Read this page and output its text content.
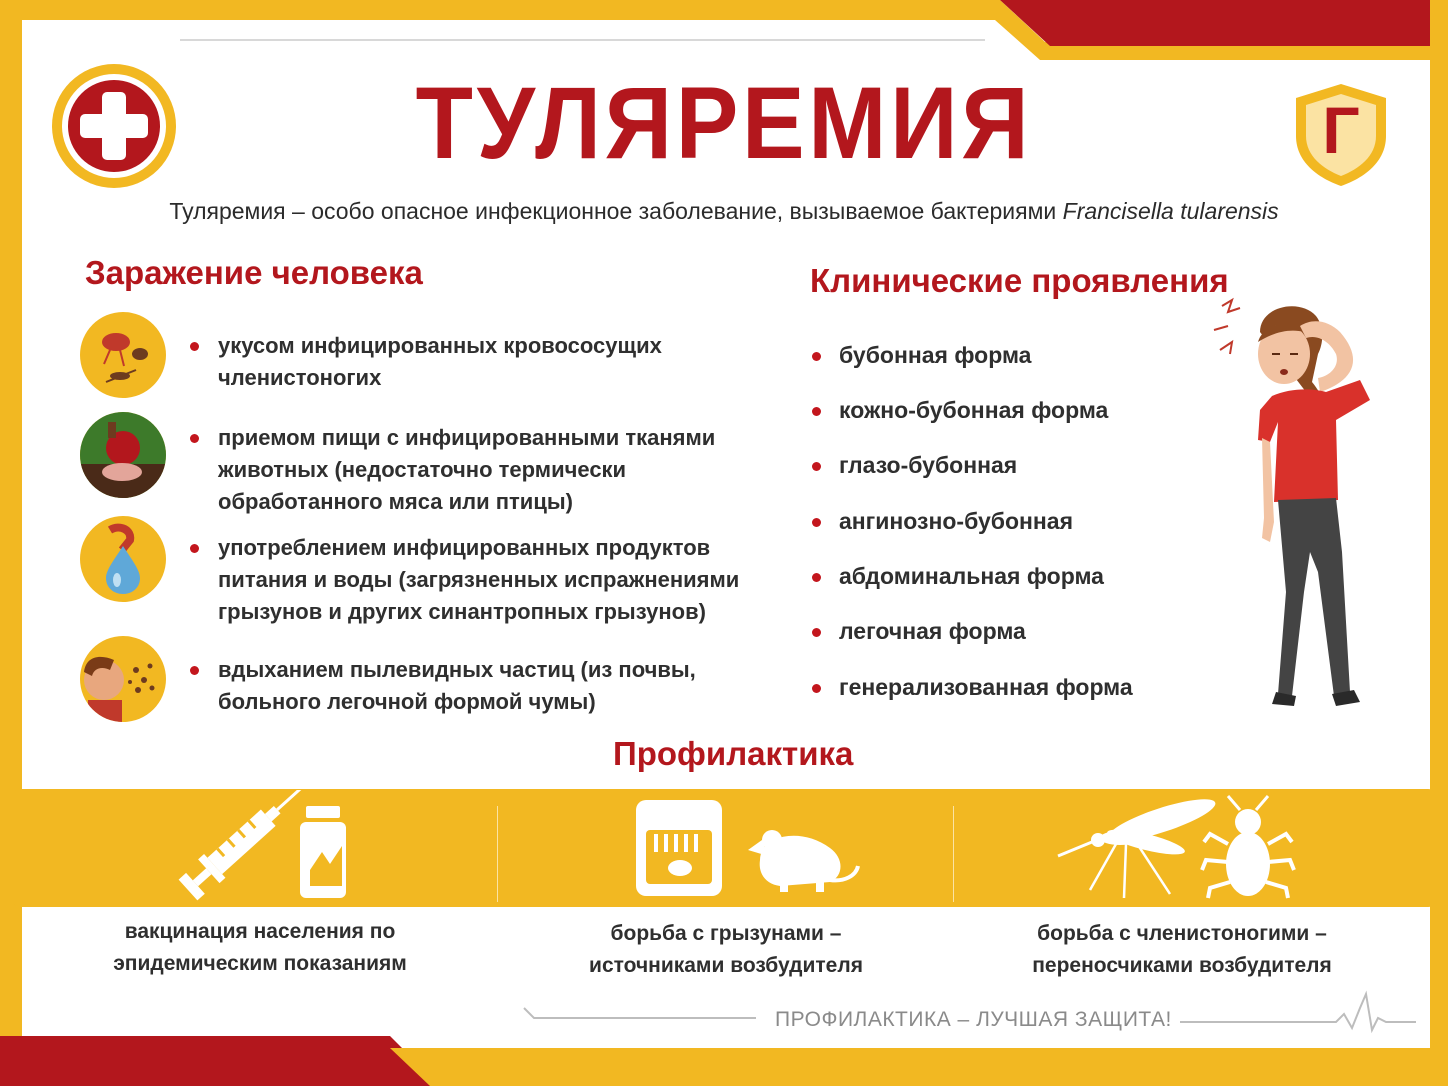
Г
ТУЛЯРЕМИЯ
Туляремия – особо опасное инфекционное заболевание, вызываемое бактериями Francisella tularensis
Заражение человека
укусом инфицированных кровососущих
членистоногих
приемом пищи с инфицированными тканями
животных (недостаточно термически
обработанного мяса или птицы)
употреблением инфицированных продуктов
питания и воды (загрязненных испражнениями
грызунов и других синантропных грызунов)
вдыханием пылевидных частиц (из почвы,
больного легочной формой чумы)
Клинические проявления
бубонная форма
кожно-бубонная форма
глазо-бубонная
ангинозно-бубонная
абдоминальная форма
легочная форма
генерализованная форма
Профилактика
вакцинация населения по
эпидемическим показаниям
борьба с грызунами –
источниками возбудителя
борьба с членистоногими –
переносчиками возбудителя
ПРОФИЛАКТИКА – ЛУЧШАЯ ЗАЩИТА!
